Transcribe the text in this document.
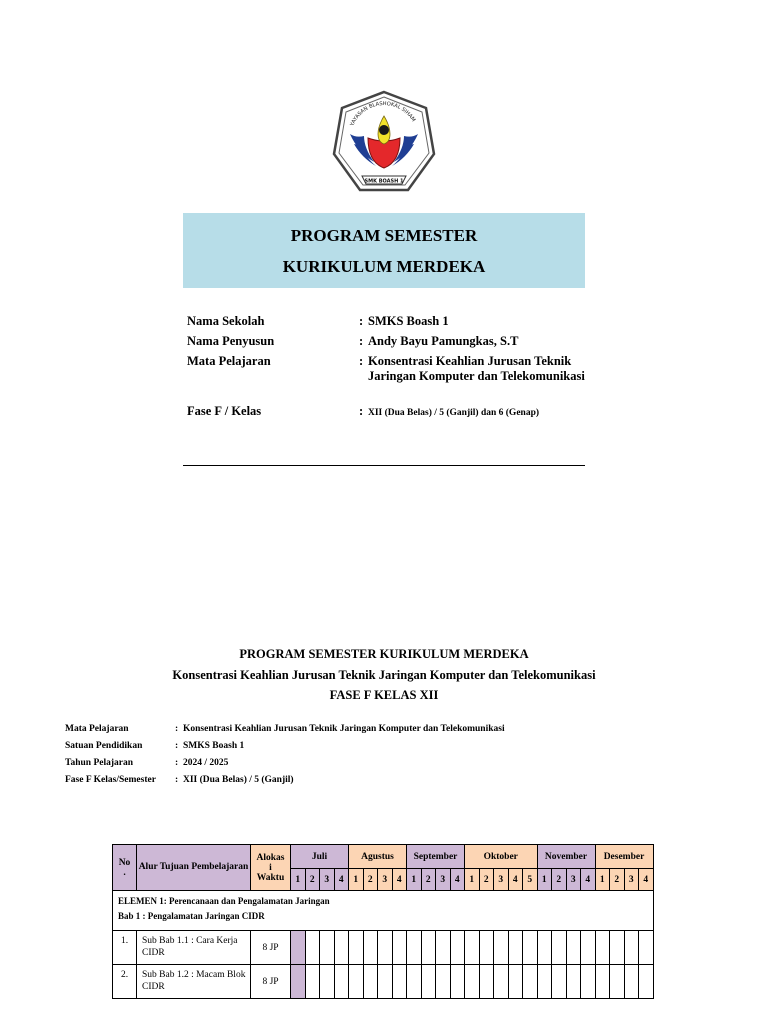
YAYASAN BLASHOKAL SIHAM
SMK BOASH 1
PROGRAM SEMESTER
KURIKULUM MERDEKA
Nama Sekolah	: SMKS Boash 1
Nama Penyusun	: Andy Bayu Pamungkas, S.T
Mata Pelajaran	: Konsentrasi Keahlian Jurusan Teknik Jaringan Komputer dan Telekomunikasi
Fase F / Kelas	: XII (Dua Belas) / 5 (Ganjil) dan 6 (Genap)
PROGRAM SEMESTER KURIKULUM MERDEKA
Konsentrasi Keahlian Jurusan Teknik Jaringan Komputer dan Telekomunikasi
FASE F KELAS XII
Mata Pelajaran	: Konsentrasi Keahlian Jurusan Teknik Jaringan Komputer dan Telekomunikasi
Satuan Pendidikan	: SMKS Boash 1
Tahun Pelajaran	: 2024 / 2025
Fase F Kelas/Semester	: XII (Dua Belas) / 5 (Ganjil)
No
.	Alur Tujuan Pembelajaran	Alokas
i
Waktu	Juli				Agustus				September				Oktober					November				Desember			
			1	2	3	4	1	2	3	4	1	2	3	4	1	2	3	4	5	1	2	3	4	1	2	3	4

ELEMEN 1: Perencanaan dan Pengalamatan Jaringan
Bab 1 : Pengalamatan Jaringan CIDR																											

1.	Sub Bab 1.1 : Cara Kerja CIDR	8 JP																									
2.	Sub Bab 1.2 : Macam Blok CIDR	8 JP																									
